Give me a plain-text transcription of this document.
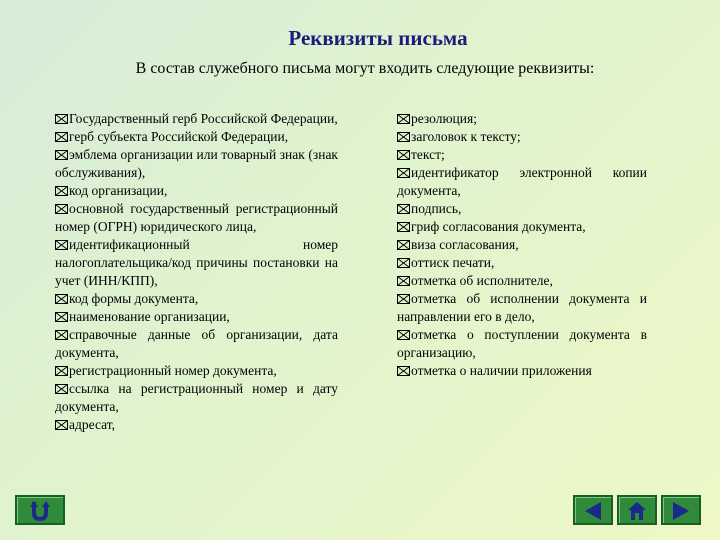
Реквизиты письма
В состав служебного письма могут входить следующие реквизиты:

Государственный герб Российской Федерации,

герб субъекта Российской Федерации,

эмблема организации или товарный знак (знак обслуживания),

код организации,

основной государственный регистрационный номер (ОГРН) юридического лица,

идентификационный номер налогоплательщика/код причины постановки на учет (ИНН/КПП),

код формы документа,

наименование организации,

справочные данные об организации, дата документа,

регистрационный номер документа,

ссылка на регистрационный номер и дату документа,

адресат,

резолюция;

заголовок к тексту;

текст;

идентификатор электронной копии документа,

подпись,

гриф согласования документа,

виза согласования,

оттиск печати,

отметка об исполнителе,

отметка об исполнении документа и направлении его в дело,

отметка о поступлении документа в организацию,

отметка о наличии приложения
